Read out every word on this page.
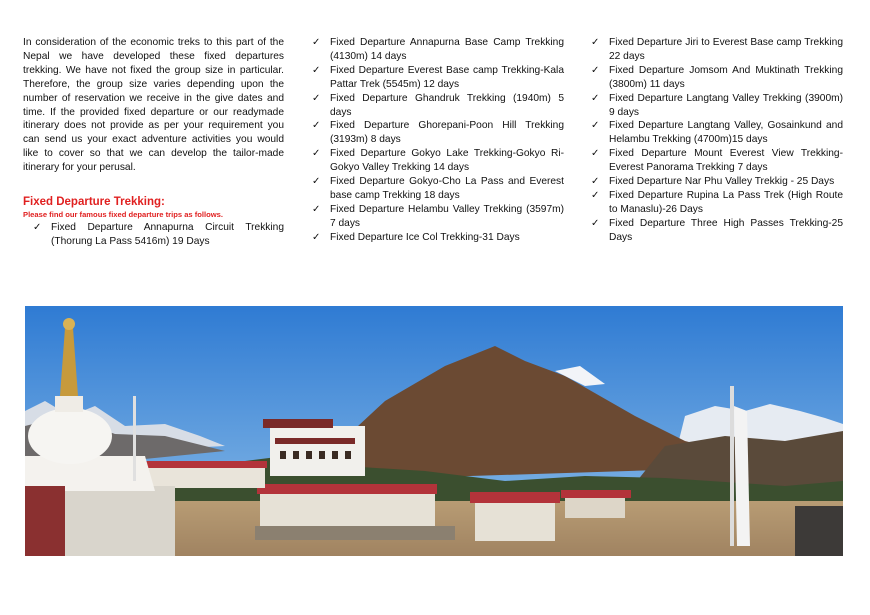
In consideration of the economic treks to this part of the Nepal we have developed these fixed departures trekking. We have not fixed the group size in particular. Therefore, the group size varies depending upon the number of reservation we receive in the give dates and time. If the provided fixed departure or our readymade itinerary does not provide as per your requirement you can send us your exact adventure activities you would like to cover so that we can develop the tailor-made itinerary for your perusal.

Fixed Departure Trekking:
Please find our famous fixed departure trips as follows.
✓ Fixed Departure Annapurna Circuit Trekking (Thorung La Pass 5416m) 19 Days
✓ Fixed Departure Annapurna Base Camp Trekking (4130m) 14 days
✓ Fixed Departure Everest Base camp Trekking-Kala Pattar Trek (5545m) 12 days
✓ Fixed Departure Ghandruk Trekking (1940m) 5 days
✓ Fixed Departure Ghorepani-Poon Hill Trekking (3193m) 8 days
✓ Fixed Departure Gokyo Lake Trekking-Gokyo Ri-Gokyo Valley Trekking 14 days
✓ Fixed Departure Gokyo-Cho La Pass and Everest base camp Trekking 18 days
✓ Fixed Departure Helambu Valley Trekking (3597m) 7 days
✓ Fixed Departure Ice Col Trekking-31 Days
✓ Fixed Departure Jiri to Everest Base camp Trekking 22 days
✓ Fixed Departure Jomsom And Muktinath Trekking (3800m) 11 days
✓ Fixed Departure Langtang Valley Trekking (3900m) 9 days
✓ Fixed Departure Langtang Valley, Gosainkund and Helambu Trekking (4700m)15 days
✓ Fixed Departure Mount Everest View Trekking-Everest Panorama Trekking 7 days
✓ Fixed Departure Nar Phu Valley Trekkig - 25 Days
✓ Fixed Departure Rupina La Pass Trek (High Route to Manaslu)-26 Days
✓ Fixed Departure Three High Passes Trekking-25 Days
